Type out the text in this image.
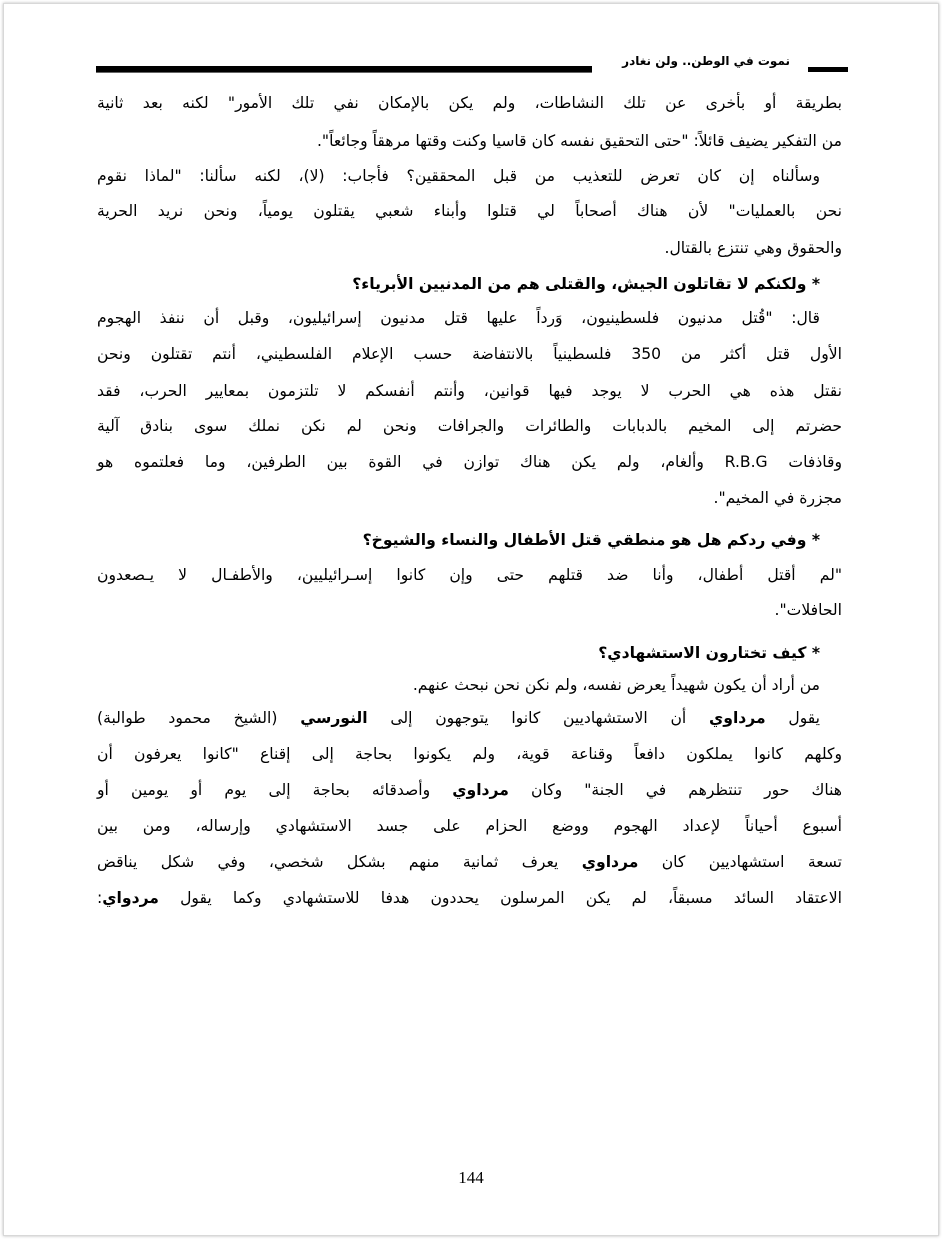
نموت في الوطن.. ولن نغادر
بطريقة أو بأخرى عن تلك النشاطات، ولم يكن بالإمكان نفي تلك الأمور" لكنه بعد ثانية
من التفكير يضيف قائلاً: "حتى التحقيق نفسه كان قاسيا وكنت وقتها مرهقاً وجائعاً".
وسألناه إن كان تعرض للتعذيب من قبل المحققين؟ فأجاب: (لا)، لكنه سألنا: "لماذا نقوم
نحن بالعمليات" لأن هناك أصحاباً لي قتلوا وأبناء شعبي يقتلون يومياً، ونحن نريد الحرية
والحقوق وهي تنتزع بالقتال.
* ولكنكم لا تقاتلون الجيش، والقتلى هم من المدنيين الأبرياء؟
قال: "قُتل مدنيون فلسطينيون، وَرداً عليها قتل مدنيون إسرائيليون، وقبل أن ننفذ الهجوم
الأول قتل أكثر من 350 فلسطينياً بالانتفاضة حسب الإعلام الفلسطيني، أنتم تقتلون ونحن
نقتل هذه هي الحرب لا يوجد فيها قوانين، وأنتم أنفسكم لا تلتزمون بمعايير الحرب، فقد
حضرتم إلى المخيم بالدبابات والطائرات والجرافات ونحن لم نكن نملك سوى بنادق آلية
وقاذفات R.B.G وألغام، ولم يكن هناك توازن في القوة بين الطرفين، وما فعلتموه هو
مجزرة في المخيم".
* وفي ردكم هل هو منطقي قتل الأطفال والنساء والشيوخ؟
"لم أقتل أطفال، وأنا ضد قتلهم حتى وإن كانوا إسـرائيليين، والأطفـال لا يـصعدون
الحافلات".
* كيف تختارون الاستشهادي؟
من أراد أن يكون شهيداً يعرض نفسه، ولم نكن نحن نبحث عنهم.
يقول مرداوي أن الاستشهاديين كانوا يتوجهون إلى النورسي (الشيخ محمود طوالبة)
وكلهم كانوا يملكون دافعاً وقناعة قوية، ولم يكونوا بحاجة إلى إقناع "كانوا يعرفون أن
هناك حور تنتظرهم في الجنة" وكان مرداوي وأصدقائه بحاجة إلى يوم أو يومين أو
أسبوع أحياناً لإعداد الهجوم ووضع الحزام على جسد الاستشهادي وإرساله، ومن بين
تسعة استشهاديين كان مرداوي يعرف ثمانية منهم بشكل شخصي، وفي شكل يناقض
الاعتقاد السائد مسبقاً، لم يكن المرسلون يحددون هدفا للاستشهادي وكما يقول مردواي:
144
